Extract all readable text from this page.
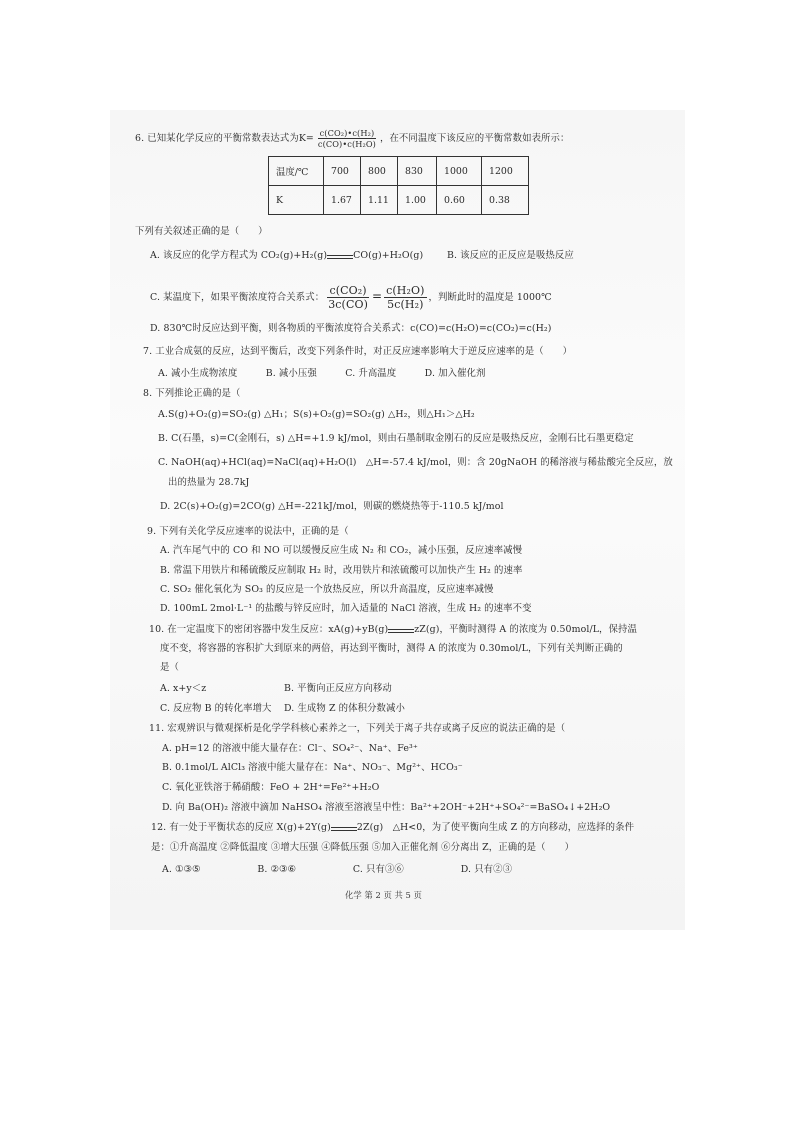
6. 已知某化学反应的平衡常数表达式为$K= \frac{\text{c(CO₂)•c(H₂)}}{\text{c(CO)•c(H₂O)}}$ ，在不同温度下该反应的平衡常数如表所示：
温度/℃	700	800	830	1000	1200
K	1.67	1.11	1.00	0.60	0.38
下列有关叙述正确的是（　　）
A. 该反应的化学方程式为 CO₂(g)+H₂(g)	CO(g)+H₂O(g)	B. 该反应的正反应是吸热反应
C. 某温度下，如果平衡浓度符合关系式： $\frac{\text{c(CO₂)}}{3c(CO)} = \frac{\text{c(H₂O)}}{\text{5c(H₂)}}$ ，判断此时的温度是 1000℃
D. 830℃时反应达到平衡，则各物质的平衡浓度符合关系式：c(CO)=c(H₂O)=c(CO₂)=c(H₂)
7. 工业合成氨的反应，达到平衡后，改变下列条件时，对正反应速率影响大于逆反应速率的是（　　）
A. 减小生成物浓度　　　B. 减小压强　　　C. 升高温度　　　D. 加入催化剂
8. 下列推论正确的是（
A.S(g)+O₂(g)=SO₂(g) △H₁；S(s)+O₂(g)=SO₂(g) △H₂，则△H₁＞△H₂
B. C(石墨，s)=C(金刚石，s) △H=+1.9 kJ/mol，则由石墨制取金刚石的反应是吸热反应，金刚石比石墨更稳定
C. NaOH(aq)+HCl(aq)=NaCl(aq)+H₂O(l)　△H=-57.4 kJ/mol，则：含 20gNaOH 的稀溶液与稀盐酸完全反应，放
出的热量为 28.7kJ
D. 2C(s)+O₂(g)=2CO(g) △H=-221kJ/mol，则碳的燃烧热等于-110.5 kJ/mol
9. 下列有关化学反应速率的说法中，正确的是（
A. 汽车尾气中的 CO 和 NO 可以缓慢反应生成 N₂ 和 CO₂，减小压强，反应速率减慢
B. 常温下用铁片和稀硫酸反应制取 H₂ 时，改用铁片和浓硫酸可以加快产生 H₂ 的速率
C. SO₂ 催化氧化为 SO₃ 的反应是一个放热反应，所以升高温度，反应速率减慢
D. 100mL 2mol·L⁻¹ 的盐酸与锌反应时，加入适量的 NaCl 溶液，生成 H₂ 的速率不变
10. 在一定温度下的密闭容器中发生反应：xA(g)+yB(g)	zZ(g)，平衡时测得 A 的浓度为 0.50mol/L，保持温
度不变，将容器的容积扩大到原来的两倍，再达到平衡时，测得 A 的浓度为 0.30mol/L，下列有关判断正确的
是（
A. x+y＜z	B. 平衡向正反应方向移动
C. 反应物 B 的转化率增大 D. 生成物 Z 的体积分数减小
11. 宏观辨识与微观探析是化学学科核心素养之一，下列关于离子共存或离子反应的说法正确的是（
A. pH=12 的溶液中能大量存在：Cl⁻、SO₄²⁻、Na⁺、Fe³⁺
B. 0.1mol/L AlCl₃ 溶液中能大量存在：Na⁺、NO₃⁻、Mg²⁺、HCO₃⁻
C. 氧化亚铁溶于稀硝酸：FeO + 2H⁺=Fe²⁺+H₂O
D. 向 Ba(OH)₂ 溶液中滴加 NaHSO₄ 溶液至溶液呈中性：Ba²⁺+2OH⁻+2H⁺+SO₄²⁻=BaSO₄↓+2H₂O
12. 有一处于平衡状态的反应 X(g)+2Y(g)	2Z(g)　△H<0，为了使平衡向生成 Z 的方向移动，应选择的条件
是：①升高温度 ②降低温度 ③增大压强 ④降低压强 ⑤加入正催化剂 ⑥分离出 Z，正确的是（　　）
A. ①③⑤　　　　　　B. ②③⑥　　　　　　C. 只有③⑥　　　　　　D. 只有②③
化学 第 2 页 共 5 页
